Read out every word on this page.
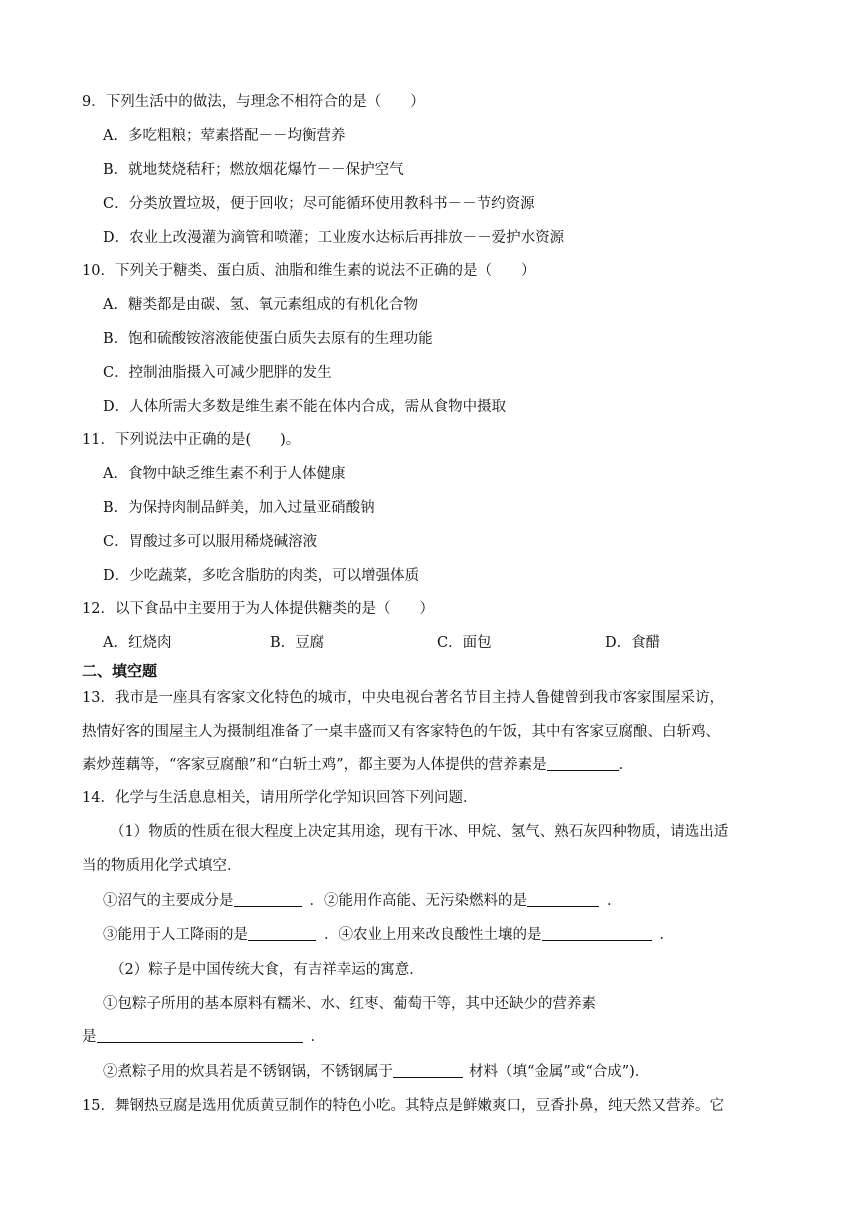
9．下列生活中的做法，与理念不相符合的是（　　）
A．多吃粗粮；荤素搭配－－均衡营养
B．就地焚烧秸秆；燃放烟花爆竹－－保护空气
C．分类放置垃圾，便于回收；尽可能循环使用教科书－－节约资源
D．农业上改漫灌为滴管和喷灌；工业废水达标后再排放－－爱护水资源
10．下列关于糖类、蛋白质、油脂和维生素的说法不正确的是（　　）
A．糖类都是由碳、氢、氧元素组成的有机化合物
B．饱和硫酸铵溶液能使蛋白质失去原有的生理功能
C．控制油脂摄入可减少肥胖的发生
D．人体所需大多数是维生素不能在体内合成，需从食物中摄取
11．下列说法中正确的是(　　)。
A．食物中缺乏维生素不利于人体健康
B．为保持肉制品鲜美，加入过量亚硝酸钠
C．胃酸过多可以服用稀烧碱溶液
D．少吃蔬菜，多吃含脂肪的肉类，可以增强体质
12．以下食品中主要用于为人体提供糖类的是（　　）
A．红烧肉	B．豆腐	C．面包	D．食醋
二、填空题
13．我市是一座具有客家文化特色的城市，中央电视台著名节目主持人鲁健曾到我市客家围屋采访，
热情好客的围屋主人为摄制组准备了一桌丰盛而又有客家特色的午饭，其中有客家豆腐酿、白斩鸡、
素炒莲藕等，“客家豆腐酿”和“白斩土鸡”，都主要为人体提供的营养素是	．
14．化学与生活息息相关，请用所学化学知识回答下列问题．
（1）物质的性质在很大程度上决定其用途，现有干冰、甲烷、氢气、熟石灰四种物质，请选出适
当的物质用化学式填空．
①沼气的主要成分是	．②能用作高能、无污染燃料的是	．
③能用于人工降雨的是	．④农业上用来改良酸性土壤的是	．
（2）粽子是中国传统大食，有吉祥幸运的寓意．
①包粽子所用的基本原料有糯米、水、红枣、葡萄干等，其中还缺少的营养素
是	．
②煮粽子用的炊具若是不锈钢锅，不锈钢属于	材料（填“金属”或“合成”)．
15．舞钢热豆腐是选用优质黄豆制作的特色小吃。其特点是鲜嫩爽口，豆香扑鼻，纯天然又营养。它
